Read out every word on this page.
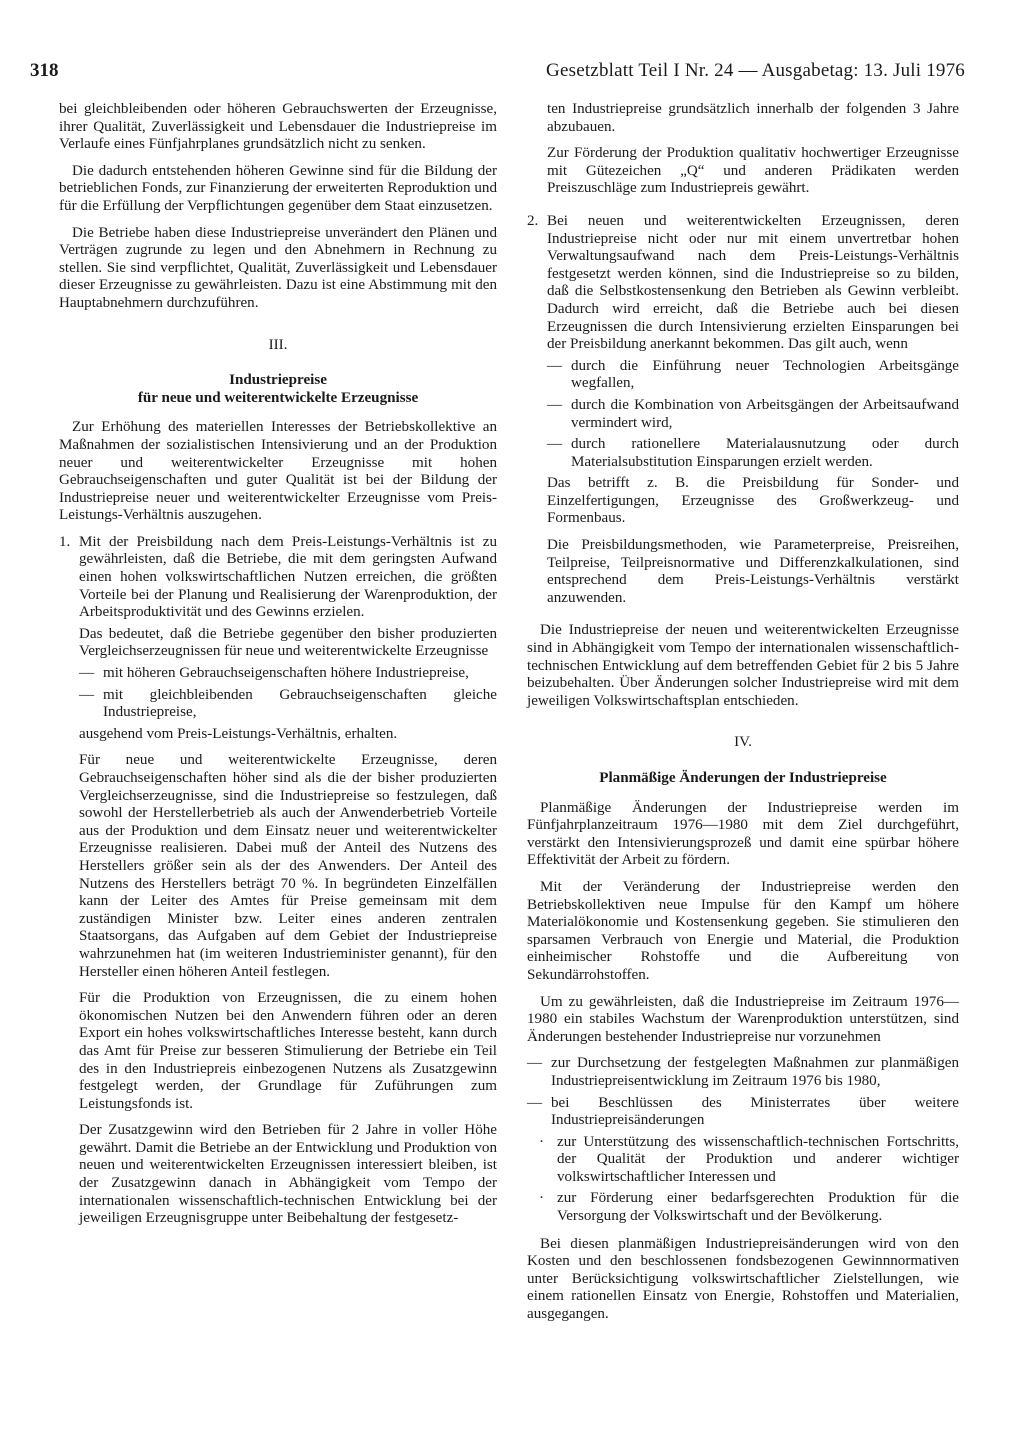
318	Gesetzblatt Teil I Nr. 24 — Ausgabetag: 13. Juli 1976

bei gleichbleibenden oder höheren Gebrauchswerten der Erzeugnisse, ihrer Qualität, Zuverlässigkeit und Lebensdauer die Industriepreise im Verlaufe eines Fünfjahrplanes grundsätzlich nicht zu senken.

Die dadurch entstehenden höheren Gewinne sind für die Bildung der betrieblichen Fonds, zur Finanzierung der erweiterten Reproduktion und für die Erfüllung der Verpflichtungen gegenüber dem Staat einzusetzen.

Die Betriebe haben diese Industriepreise unverändert den Plänen und Verträgen zugrunde zu legen und den Abnehmern in Rechnung zu stellen. Sie sind verpflichtet, Qualität, Zuverlässigkeit und Lebensdauer dieser Erzeugnisse zu gewährleisten. Dazu ist eine Abstimmung mit den Hauptabnehmern durchzuführen.

III.
Industriepreise
für neue und weiterentwickelte Erzeugnisse

Zur Erhöhung des materiellen Interesses der Betriebskollektive an Maßnahmen der sozialistischen Intensivierung und an der Produktion neuer und weiterentwickelter Erzeugnisse mit hohen Gebrauchseigenschaften und guter Qualität ist bei der Bildung der Industriepreise neuer und weiterentwickelter Erzeugnisse vom Preis-Leistungs-Verhältnis auszugehen.

1. Mit der Preisbildung nach dem Preis-Leistungs-Verhältnis ist zu gewährleisten, daß die Betriebe, die mit dem geringsten Aufwand einen hohen volkswirtschaftlichen Nutzen erreichen, die größten Vorteile bei der Planung und Realisierung der Warenproduktion, der Arbeitsproduktivität und des Gewinns erzielen.

Das bedeutet, daß die Betriebe gegenüber den bisher produzierten Vergleichserzeugnissen für neue und weiterentwickelte Erzeugnisse

— mit höheren Gebrauchseigenschaften höhere Industriepreise,
— mit gleichbleibenden Gebrauchseigenschaften gleiche Industriepreise,

ausgehend vom Preis-Leistungs-Verhältnis, erhalten.

Für neue und weiterentwickelte Erzeugnisse, deren Gebrauchseigenschaften höher sind als die der bisher produzierten Vergleichserzeugnisse, sind die Industriepreise so festzulegen, daß sowohl der Herstellerbetrieb als auch der Anwenderbetrieb Vorteile aus der Produktion und dem Einsatz neuer und weiterentwickelter Erzeugnisse realisieren. Dabei muß der Anteil des Nutzens des Herstellers größer sein als der des Anwenders. Der Anteil des Nutzens des Herstellers beträgt 70 %. In begründeten Einzelfällen kann der Leiter des Amtes für Preise gemeinsam mit dem zuständigen Minister bzw. Leiter eines anderen zentralen Staatsorgans, das Aufgaben auf dem Gebiet der Industriepreise wahrzunehmen hat (im weiteren Industrieminister genannt), für den Hersteller einen höheren Anteil festlegen.

Für die Produktion von Erzeugnissen, die zu einem hohen ökonomischen Nutzen bei den Anwendern führen oder an deren Export ein hohes volkswirtschaftliches Interesse besteht, kann durch das Amt für Preise zur besseren Stimulierung der Betriebe ein Teil des in den Industriepreis einbezogenen Nutzens als Zusatzgewinn festgelegt werden, der Grundlage für Zuführungen zum Leistungsfonds ist.

Der Zusatzgewinn wird den Betrieben für 2 Jahre in voller Höhe gewährt. Damit die Betriebe an der Entwicklung und Produktion von neuen und weiterentwickelten Erzeugnissen interessiert bleiben, ist der Zusatzgewinn danach in Abhängigkeit vom Tempo der internationalen wissenschaftlich-technischen Entwicklung bei der jeweiligen Erzeugnisgruppe unter Beibehaltung der festgesetz-

ten Industriepreise grundsätzlich innerhalb der folgenden 3 Jahre abzubauen.

Zur Förderung der Produktion qualitativ hochwertiger Erzeugnisse mit Gütezeichen „Q“ und anderen Prädikaten werden Preiszuschläge zum Industriepreis gewährt.

2. Bei neuen und weiterentwickelten Erzeugnissen, deren Industriepreise nicht oder nur mit einem unvertretbar hohen Verwaltungsaufwand nach dem Preis-Leistungs-Verhältnis festgesetzt werden können, sind die Industriepreise so zu bilden, daß die Selbstkostensenkung den Betrieben als Gewinn verbleibt. Dadurch wird erreicht, daß die Betriebe auch bei diesen Erzeugnissen die durch Intensivierung erzielten Einsparungen bei der Preisbildung anerkannt bekommen. Das gilt auch, wenn

— durch die Einführung neuer Technologien Arbeitsgänge wegfallen,
— durch die Kombination von Arbeitsgängen der Arbeitsaufwand vermindert wird,
— durch rationellere Materialausnutzung oder durch Materialsubstitution Einsparungen erzielt werden.

Das betrifft z. B. die Preisbildung für Sonder- und Einzelfertigungen, Erzeugnisse des Großwerkzeug- und Formenbaus.

Die Preisbildungsmethoden, wie Parameterpreise, Preisreihen, Teilpreise, Teilpreisnormative und Differenzkalkulationen, sind entsprechend dem Preis-Leistungs-Verhältnis verstärkt anzuwenden.

Die Industriepreise der neuen und weiterentwickelten Erzeugnisse sind in Abhängigkeit vom Tempo der internationalen wissenschaftlich-technischen Entwicklung auf dem betreffenden Gebiet für 2 bis 5 Jahre beizubehalten. Über Änderungen solcher Industriepreise wird mit dem jeweiligen Volkswirtschaftsplan entschieden.

IV.
Planmäßige Änderungen der Industriepreise

Planmäßige Änderungen der Industriepreise werden im Fünfjahrplanzeitraum 1976—1980 mit dem Ziel durchgeführt, verstärkt den Intensivierungsprozeß und damit eine spürbar höhere Effektivität der Arbeit zu fördern.

Mit der Veränderung der Industriepreise werden den Betriebskollektiven neue Impulse für den Kampf um höhere Materialökonomie und Kostensenkung gegeben. Sie stimulieren den sparsamen Verbrauch von Energie und Material, die Produktion einheimischer Rohstoffe und die Aufbereitung von Sekundärrohstoffen.

Um zu gewährleisten, daß die Industriepreise im Zeitraum 1976—1980 ein stabiles Wachstum der Warenproduktion unterstützen, sind Änderungen bestehender Industriepreise nur vorzunehmen

— zur Durchsetzung der festgelegten Maßnahmen zur planmäßigen Industriepreisentwicklung im Zeitraum 1976 bis 1980,
— bei Beschlüssen des Ministerrates über weitere Industriepreisänderungen
· zur Unterstützung des wissenschaftlich-technischen Fortschritts, der Qualität der Produktion und anderer wichtiger volkswirtschaftlicher Interessen und
· zur Förderung einer bedarfsgerechten Produktion für die Versorgung der Volkswirtschaft und der Bevölkerung.

Bei diesen planmäßigen Industriepreisänderungen wird von den Kosten und den beschlossenen fondsbezogenen Gewinnnormativen unter Berücksichtigung volkswirtschaftlicher Zielstellungen, wie einem rationellen Einsatz von Energie, Rohstoffen und Materialien, ausgegangen.
